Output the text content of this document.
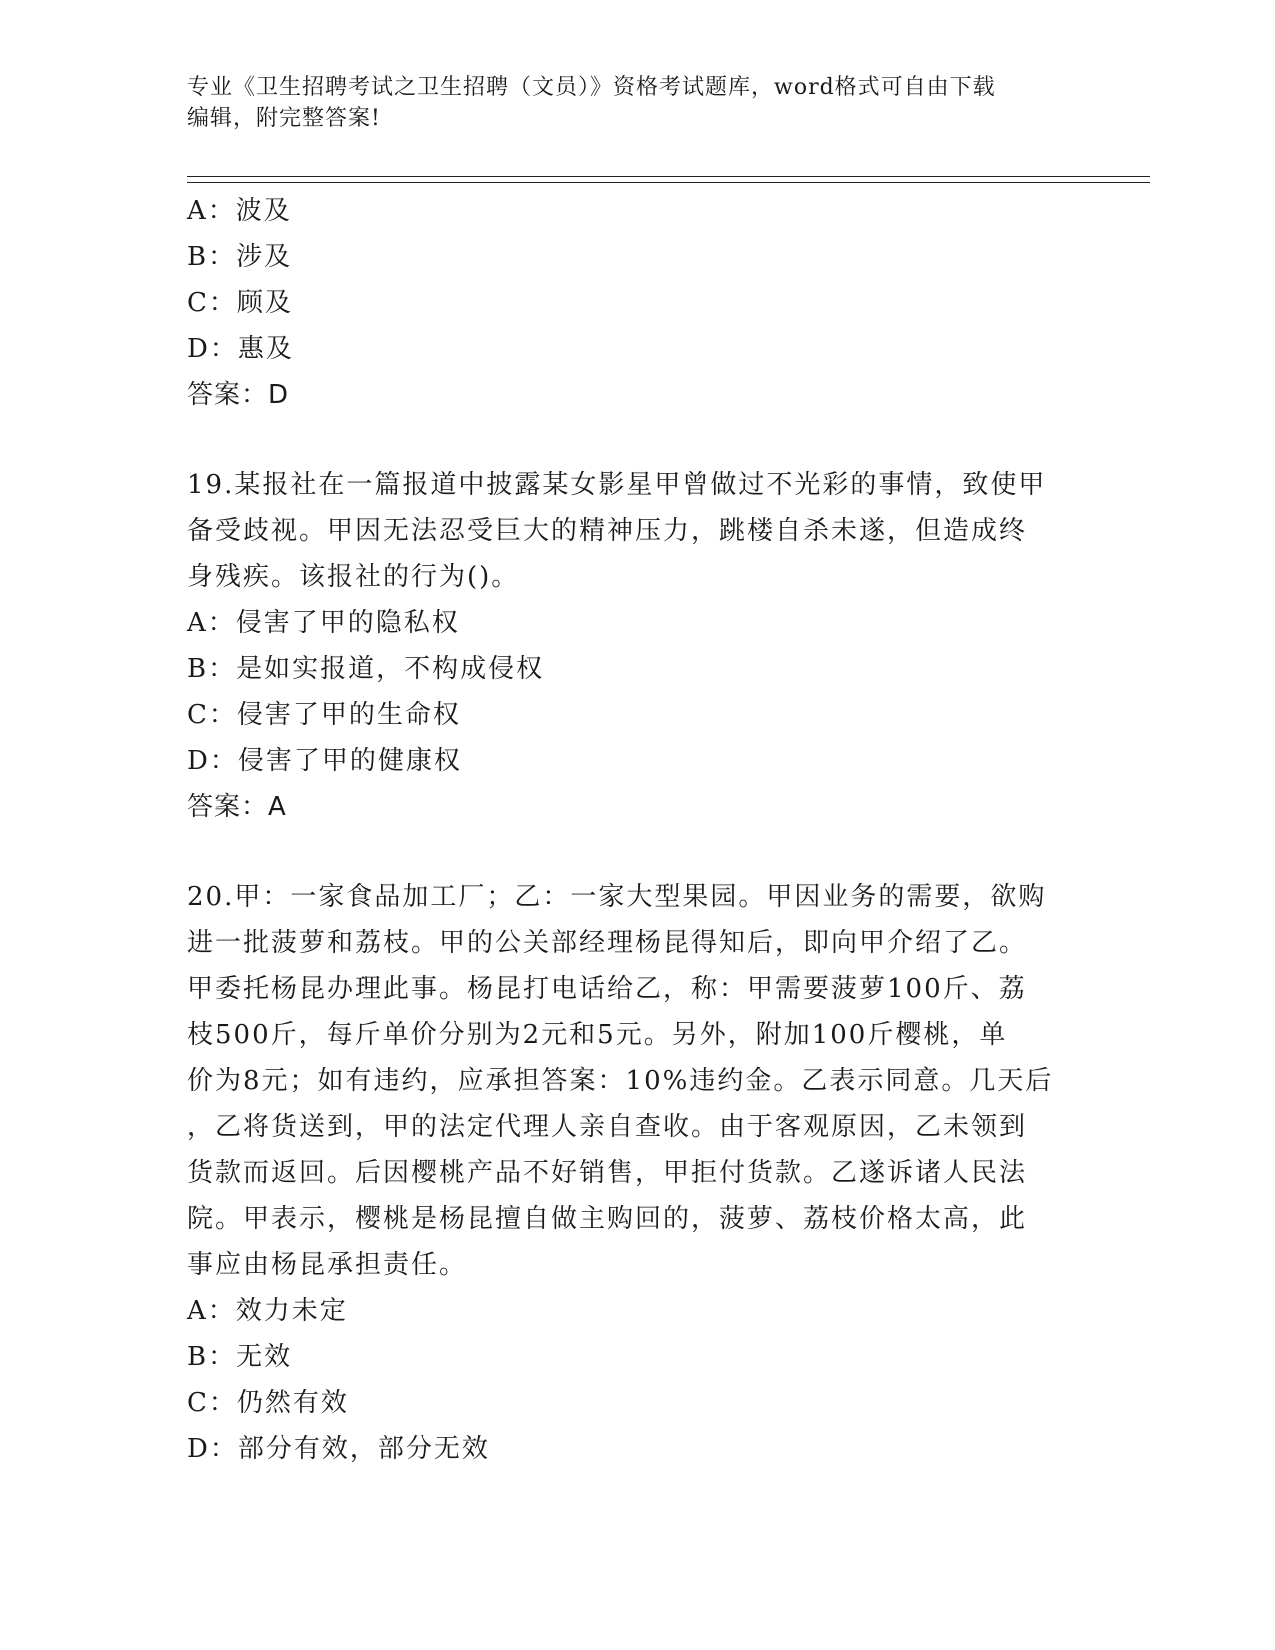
专业《卫生招聘考试之卫生招聘（文员）》资格考试题库，word格式可自由下载
编辑，附完整答案!
A：波及
B：涉及
C：顾及
D：惠及
答案：D
19.某报社在一篇报道中披露某女影星甲曾做过不光彩的事情，致使甲
备受歧视。甲因无法忍受巨大的精神压力，跳楼自杀未遂，但造成终
身残疾。该报社的行为()。
A：侵害了甲的隐私权
B：是如实报道，不构成侵权
C：侵害了甲的生命权
D：侵害了甲的健康权
答案：A
20.甲：一家食品加工厂；乙：一家大型果园。甲因业务的需要，欲购
进一批菠萝和荔枝。甲的公关部经理杨昆得知后，即向甲介绍了乙。
甲委托杨昆办理此事。杨昆打电话给乙，称：甲需要菠萝100斤、荔
枝500斤，每斤单价分别为2元和5元。另外，附加100斤樱桃，单
价为8元；如有违约，应承担答案：10%违约金。乙表示同意。几天后
，乙将货送到，甲的法定代理人亲自查收。由于客观原因，乙未领到
货款而返回。后因樱桃产品不好销售，甲拒付货款。乙遂诉诸人民法
院。甲表示，樱桃是杨昆擅自做主购回的，菠萝、荔枝价格太高，此
事应由杨昆承担责任。
A：效力未定
B：无效
C：仍然有效
D：部分有效，部分无效
